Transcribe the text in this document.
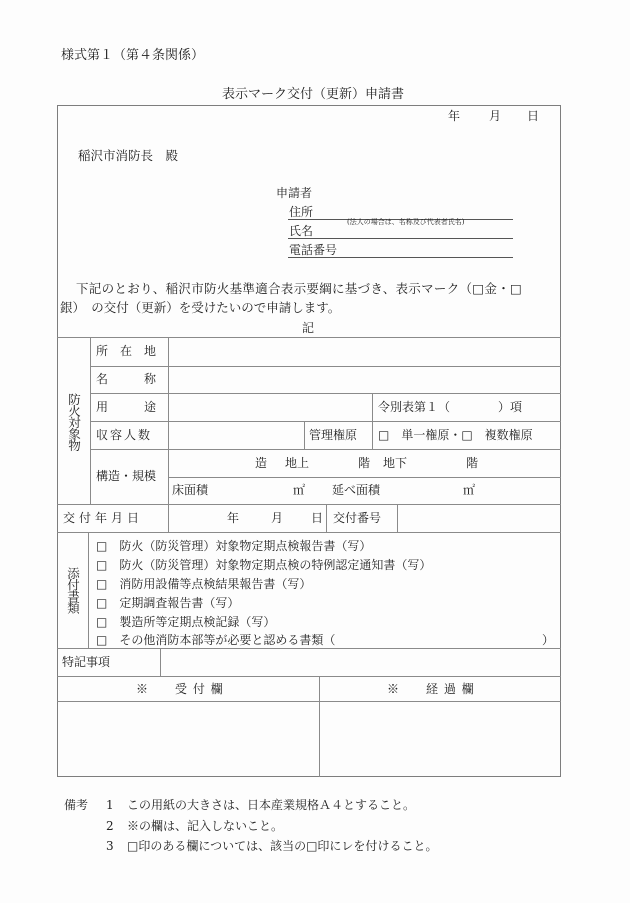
様式第１（第４条関係）
表示マーク交付（更新）申請書
年 月 日
稲沢市消防長　殿
申請者
住所
(法人の場合は、名称及び代表者氏名)
氏名
電話番号
下記のとおり、稲沢市防火基準適合表示要綱に基づき、表示マーク（□金・□
銀）　の交付（更新）を受けたいので申請します。
記
防火対象物
所　在　地
名　　　称
用　　　途	令別表第１（　　　　）項
収容人数	管理権原 □　単一権原・□　複数権原
構造・規模
造 地上	階 地下	階
床面積	㎡ 延べ面積	㎡
交付年月日	年	月 日 交付番号
添付書類
□　防火（防災管理）対象物定期点検報告書（写）
□　防火（防災管理）対象物定期点検の特例認定通知書（写）
□　消防用設備等点検結果報告書（写）
□　定期調査報告書（写）
□　製造所等定期点検記録（写）
□　その他消防本部等が必要と認める書類（	）
特記事項
※　　受 付 欄	※　　経 過 欄
備考 1 この用紙の大きさは、日本産業規格Ａ４とすること。
2 ※の欄は、記入しないこと。
3 □印のある欄については、該当の□印にレを付けること。
